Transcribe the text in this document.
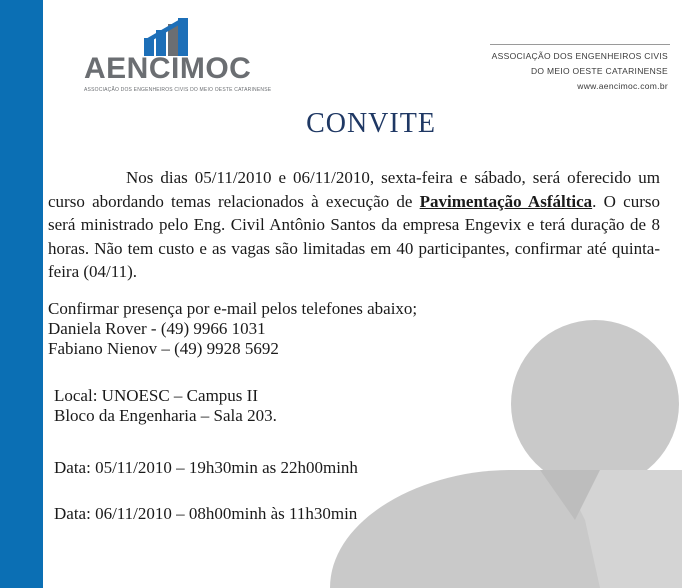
AENCIMOC
ASSOCIAÇÃO DOS ENGENHEIROS CIVIS DO MEIO OESTE CATARINENSE
ASSOCIAÇÃO DOS ENGENHEIROS CIVIS
DO MEIO OESTE CATARINENSE
www.aencimoc.com.br
CONVITE
Nos dias 05/11/2010 e 06/11/2010, sexta-feira e sábado, será oferecido um curso abordando temas relacionados à execução de Pavimentação Asfáltica. O curso será ministrado pelo Eng. Civil Antônio Santos da empresa Engevix e terá duração de 8 horas. Não tem custo e as vagas são limitadas em 40 participantes, confirmar até quinta-feira (04/11).
Confirmar presença por e-mail pelos telefones abaixo;
Daniela Rover - (49) 9966 1031
Fabiano Nienov – (49) 9928 5692
Local: UNOESC – Campus II
Bloco da Engenharia – Sala 203.
Data: 05/11/2010 – 19h30min as 22h00minh
Data: 06/11/2010 – 08h00minh às 11h30min
